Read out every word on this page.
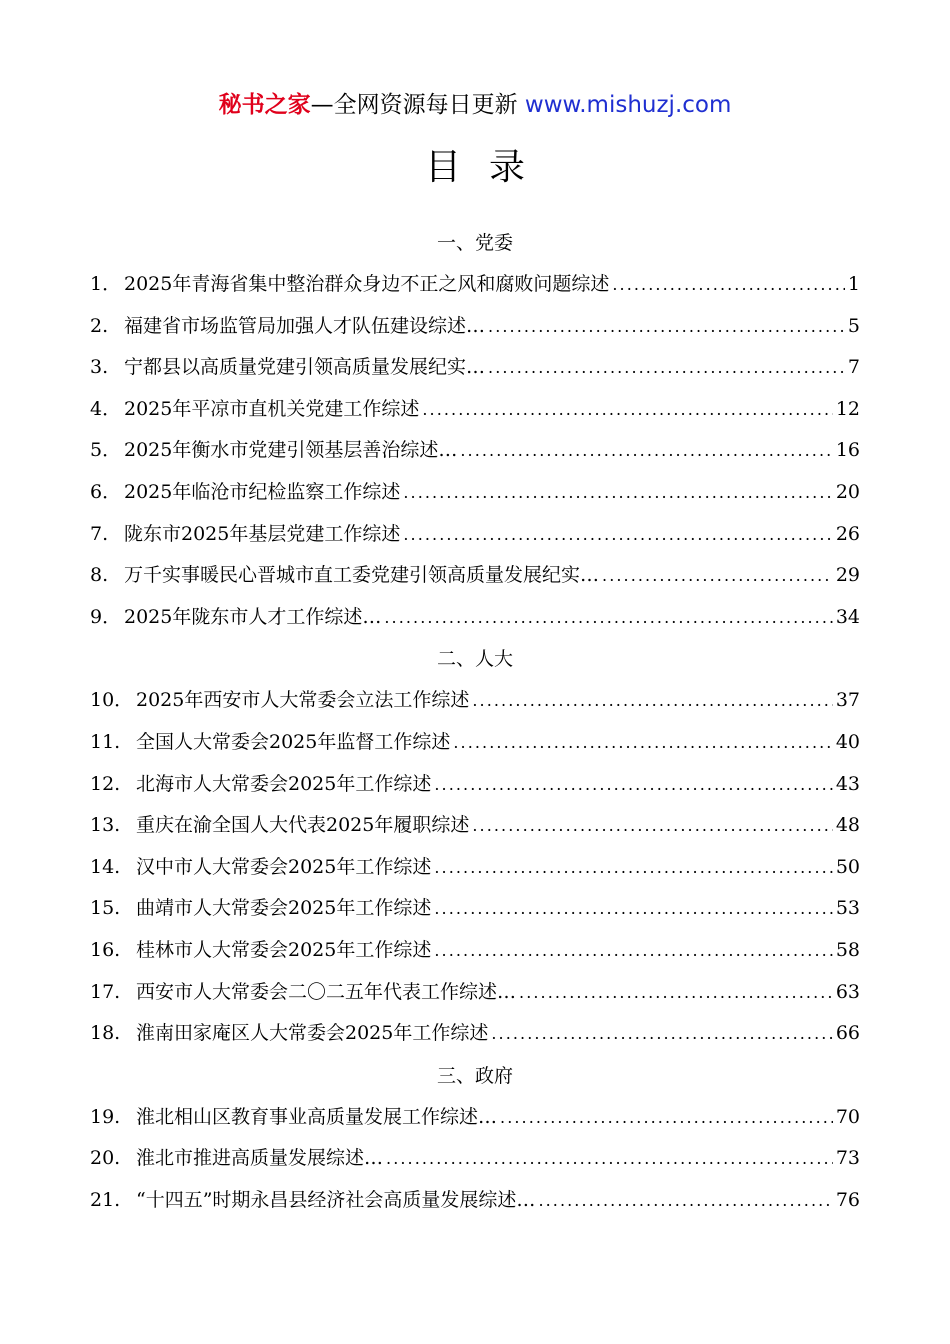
秘书之家—全网资源每日更新 www.mishuzj.com
目录
一、党委
1． 2025年青海省集中整治群众身边不正之风和腐败问题综述 . . .	1
2. 福建省市场监管局加强人才队伍建设综述… . . .	5
3. 宁都县以高质量党建引领高质量发展纪实… . . .	7
4． 2025年平凉市直机关党建工作综述 . . .	12
5． 2025年衡水市党建引领基层善治综述… . . .	16
6． 2025年临沧市纪检监察工作综述 . . .	20
7. 陇东市2025年基层党建工作综述 . . .	26
8. 万千实事暖民心晋城市直工委党建引领高质量发展纪实… . . .	29
9． 2025年陇东市人才工作综述… . . .	34
二、人大
10． 2025年西安市人大常委会立法工作综述 . . .	37
11. 全国人大常委会2025年监督工作综述 . . .	40
12. 北海市人大常委会2025年工作综述 . . .	43
13. 重庆在渝全国人大代表2025年履职综述 . . .	48
14. 汉中市人大常委会2025年工作综述 . . .	50
15. 曲靖市人大常委会2025年工作综述 . . .	53
16. 桂林市人大常委会2025年工作综述 . . .	58
17. 西安市人大常委会二〇二五年代表工作综述… . . .	63
18. 淮南田家庵区人大常委会2025年工作综述 . . .	66
三、政府
19. 淮北相山区教育事业高质量发展工作综述… . . .	70
20. 淮北市推进高质量发展综述… . . .	73
21. “十四五”时期永昌县经济社会高质量发展综述… . . .	76
